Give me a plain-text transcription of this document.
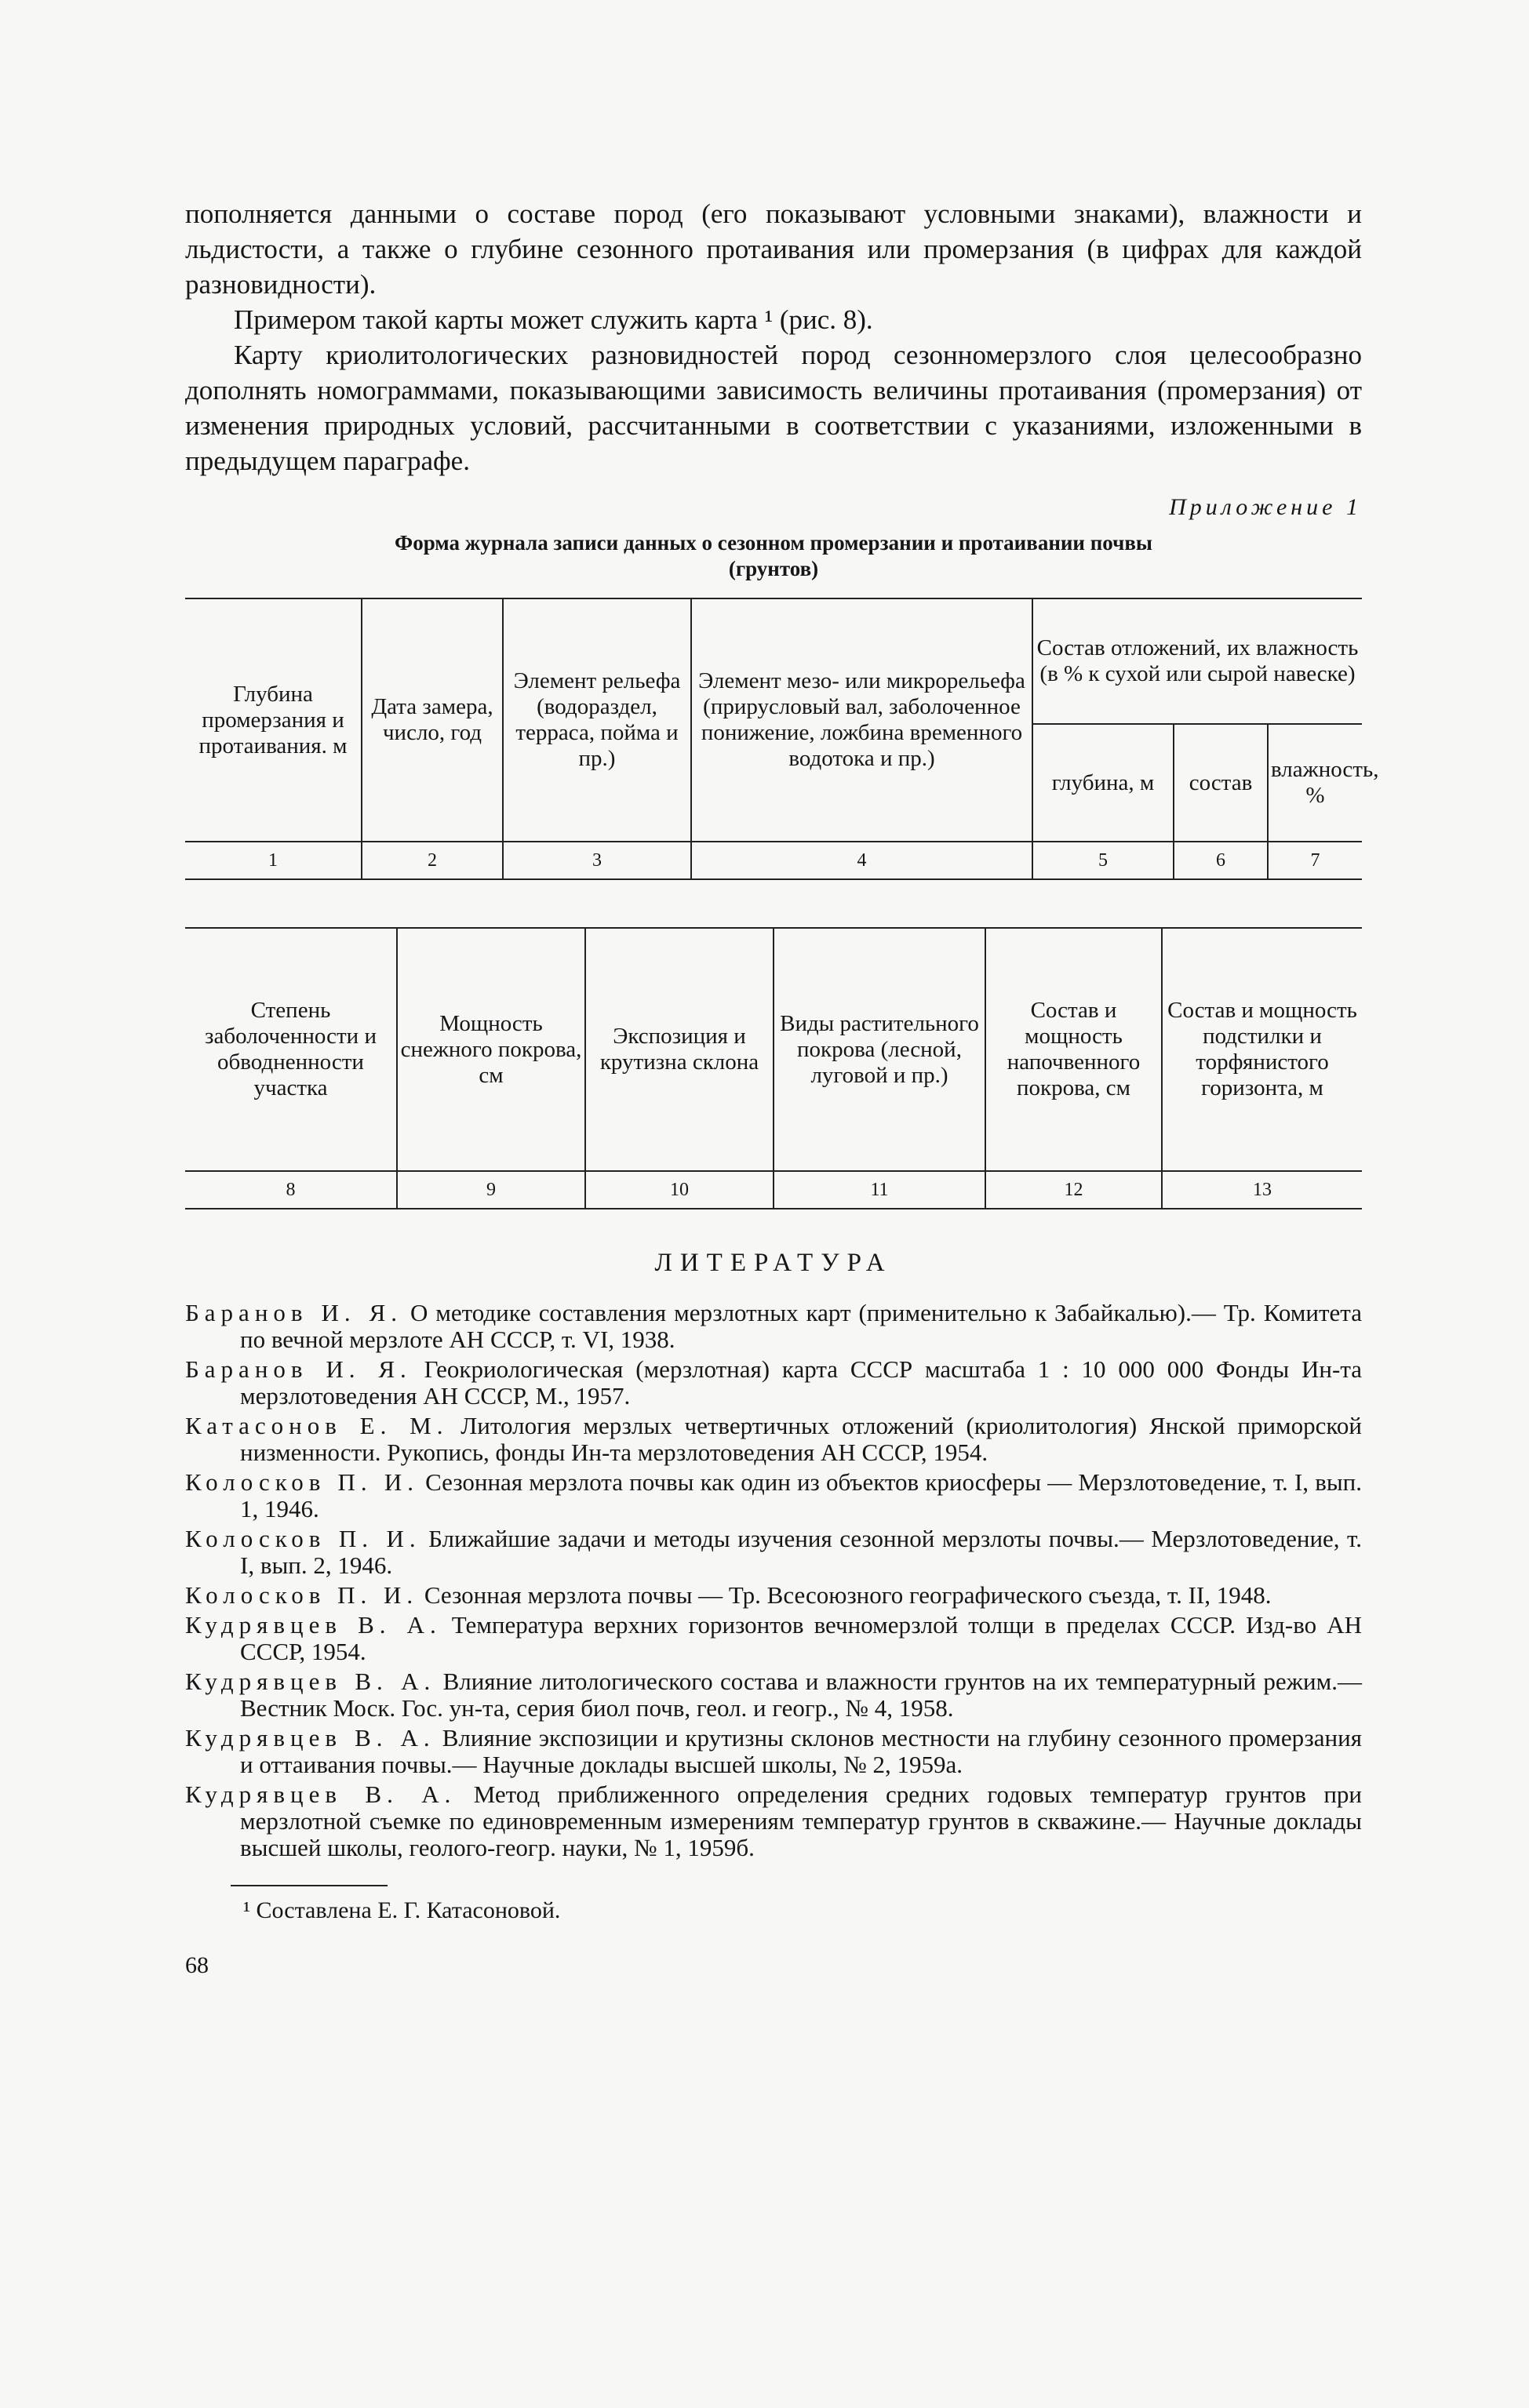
пополняется данными о составе пород (его показывают условными знаками), влажности и льдистости, а также о глубине сезонного протаивания или промерзания (в цифрах для каждой разновидности).

Примером такой карты может служить карта ¹ (рис. 8).

Карту криолитологических разновидностей пород сезонномерзлого слоя целесообразно дополнять номограммами, показывающими зависимость величины протаивания (промерзания) от изменения природных условий, рассчитанными в соответствии с указаниями, изложенными в предыдущем параграфе.

Приложение 1
Форма журнала записи данных о сезонном промерзании и протаивании почвы
(грунтов)
Глубина промерзания и протаивания. м	Дата замера, число, год	Элемент рельефа (водораздел, терраса, пойма и пр.)	Элемент мезо- или микрорельефа (прирусловый вал, заболоченное понижение, ложбина временного водотока и пр.)	Состав отложений, их влажность (в % к сухой или сырой навеске)		
				глубина, м	состав	влажность, %
1	2	3	4	5	6	7
Степень заболоченности и обводненности участка	Мощность снежного покрова, см	Экспозиция и крутизна склона	Виды растительного покрова (лесной, луговой и пр.)	Состав и мощность напочвенного покрова, см	Состав и мощность подстилки и торфянистого горизонта, м
8	9	10	11	12	13
ЛИТЕРАТУРА

Баранов И. Я. О методике составления мерзлотных карт (применительно к Забайкалью).— Тр. Комитета по вечной мерзлоте АН СССР, т. VI, 1938.

Баранов И. Я. Геокриологическая (мерзлотная) карта СССР масштаба 1 : 10 000 000 Фонды Ин-та мерзлотоведения АН СССР, М., 1957.

Катасонов Е. М. Литология мерзлых четвертичных отложений (криолитология) Янской приморской низменности. Рукопись, фонды Ин-та мерзлотоведения АН СССР, 1954.

Колосков П. И. Сезонная мерзлота почвы как один из объектов криосферы — Мерзлотоведение, т. I, вып. 1, 1946.

Колосков П. И. Ближайшие задачи и методы изучения сезонной мерзлоты почвы.— Мерзлотоведение, т. I, вып. 2, 1946.

Колосков П. И. Сезонная мерзлота почвы — Тр. Всесоюзного географического съезда, т. II, 1948.

Кудрявцев В. А. Температура верхних горизонтов вечномерзлой толщи в пределах СССР. Изд-во АН СССР, 1954.

Кудрявцев В. А. Влияние литологического состава и влажности грунтов на их температурный режим.— Вестник Моск. Гос. ун-та, серия биол почв, геол. и геогр., № 4, 1958.

Кудрявцев В. А. Влияние экспозиции и крутизны склонов местности на глубину сезонного промерзания и оттаивания почвы.— Научные доклады высшей школы, № 2, 1959а.

Кудрявцев В. А. Метод приближенного определения средних годовых температур грунтов при мерзлотной съемке по единовременным измерениям температур грунтов в скважине.— Научные доклады высшей школы, геолого-геогр. науки, № 1, 1959б.

¹ Составлена Е. Г. Катасоновой.
68
